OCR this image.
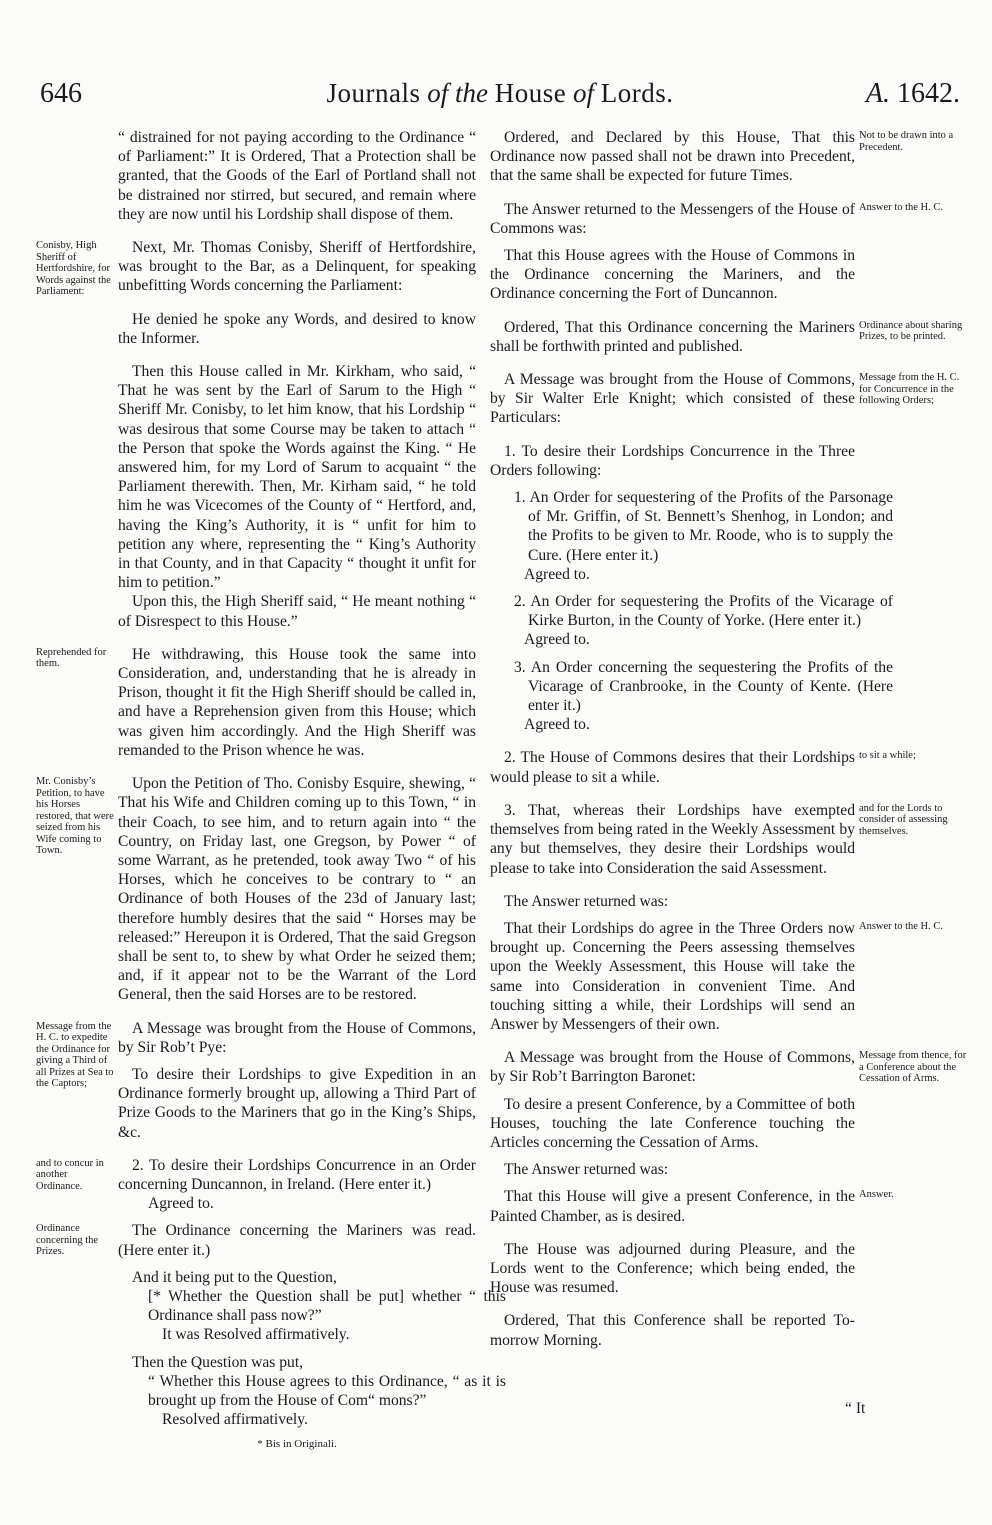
646	Journals of the House of Lords.	A. 1642.

“ distrained for not paying according to the Ordinance “ of Parliament:” It is Ordered, That a Protection shall be granted, that the Goods of the Earl of Portland shall not be distrained nor stirred, but secured, and remain where they are now until his Lordship shall dispose of them.

Conisby, High Sheriff of Hertfordshire, for Words against the Parliament:

Next, Mr. Thomas Conisby, Sheriff of Hertfordshire, was brought to the Bar, as a Delinquent, for speaking unbefitting Words concerning the Parliament:

He denied he spoke any Words, and desired to know the Informer.

Then this House called in Mr. Kirkham, who said, “ That he was sent by the Earl of Sarum to the High “ Sheriff Mr. Conisby, to let him know, that his Lordship “ was desirous that some Course may be taken to attach “ the Person that spoke the Words against the King. “ He answered him, for my Lord of Sarum to acquaint “ the Parliament therewith. Then, Mr. Kirham said, “ he told him he was Vicecomes of the County of “ Hertford, and, having the King’s Authority, it is “ unfit for him to petition any where, representing the “ King’s Authority in that County, and in that Capacity “ thought it unfit for him to petition.”

Upon this, the High Sheriff said, “ He meant nothing “ of Disrespect to this House.”

Reprehended for them.

He withdrawing, this House took the same into Consideration, and, understanding that he is already in Prison, thought it fit the High Sheriff should be called in, and have a Reprehension given from this House; which was given him accordingly. And the High Sheriff was remanded to the Prison whence he was.

Mr. Conisby’s Petition, to have his Horses restored, that were seized from his Wife coming to Town.

Upon the Petition of Tho. Conisby Esquire, shewing, “ That his Wife and Children coming up to this Town, “ in their Coach, to see him, and to return again into “ the Country, on Friday last, one Gregson, by Power “ of some Warrant, as he pretended, took away Two “ of his Horses, which he conceives to be contrary to “ an Ordinance of both Houses of the 23d of January last; therefore humbly desires that the said “ Horses may be released:” Hereupon it is Ordered, That the said Gregson shall be sent to, to shew by what Order he seized them; and, if it appear not to be the Warrant of the Lord General, then the said Horses are to be restored.

Message from the H. C. to expedite the Ordinance for giving a Third of all Prizes at Sea to the Captors;

A Message was brought from the House of Commons, by Sir Rob’t Pye:

To desire their Lordships to give Expedition in an Ordinance formerly brought up, allowing a Third Part of Prize Goods to the Mariners that go in the King’s Ships, &c.

and to concur in another Ordinance.

2. To desire their Lordships Concurrence in an Order concerning Duncannon, in Ireland. (Here enter it.)

Agreed to.

Ordinance concerning the Prizes.

The Ordinance concerning the Mariners was read. (Here enter it.)

And it being put to the Question,

[* Whether the Question shall be put] whether “ this Ordinance shall pass now?”

It was Resolved affirmatively.

Then the Question was put,

“ Whether this House agrees to this Ordinance, “ as it is brought up from the House of Com“ mons?”

Resolved affirmatively.

* Bis in Originali.

Not to be drawn into a Precedent.

Ordered, and Declared by this House, That this Ordinance now passed shall not be drawn into Precedent, that the same shall be expected for future Times.

Answer to the H. C.

The Answer returned to the Messengers of the House of Commons was:

That this House agrees with the House of Commons in the Ordinance concerning the Mariners, and the Ordinance concerning the Fort of Duncannon.

Ordinance about sharing Prizes, to be printed.

Ordered, That this Ordinance concerning the Mariners shall be forthwith printed and published.

Message from the H. C. for Concurrence in the following Orders;

A Message was brought from the House of Commons, by Sir Walter Erle Knight; which consisted of these Particulars:

1. To desire their Lordships Concurrence in the Three Orders following:

1. An Order for sequestering of the Profits of the Parsonage of Mr. Griffin, of St. Bennett’s Shenhog, in London; and the Profits to be given to Mr. Roode, who is to supply the Cure. (Here enter it.)

Agreed to.

2. An Order for sequestering the Profits of the Vicarage of Kirke Burton, in the County of Yorke. (Here enter it.)

Agreed to.

3. An Order concerning the sequestering the Profits of the Vicarage of Cranbrooke, in the County of Kente. (Here enter it.)

Agreed to.

to sit a while;

2. The House of Commons desires that their Lordships would please to sit a while.

and for the Lords to consider of assessing themselves.

3. That, whereas their Lordships have exempted themselves from being rated in the Weekly Assessment by any but themselves, they desire their Lordships would please to take into Consideration the said Assessment.

The Answer returned was:

Answer to the H. C.

That their Lordships do agree in the Three Orders now brought up. Concerning the Peers assessing themselves upon the Weekly Assessment, this House will take the same into Consideration in convenient Time. And touching sitting a while, their Lordships will send an Answer by Messengers of their own.

Message from thence, for a Conference about the Cessation of Arms.

A Message was brought from the House of Commons, by Sir Rob’t Barrington Baronet:

To desire a present Conference, by a Committee of both Houses, touching the late Conference touching the Articles concerning the Cessation of Arms.

The Answer returned was:

Answer.

That this House will give a present Conference, in the Painted Chamber, as is desired.

The House was adjourned during Pleasure, and the Lords went to the Conference; which being ended, the House was resumed.

Ordered, That this Conference shall be reported To-morrow Morning.

“ It
